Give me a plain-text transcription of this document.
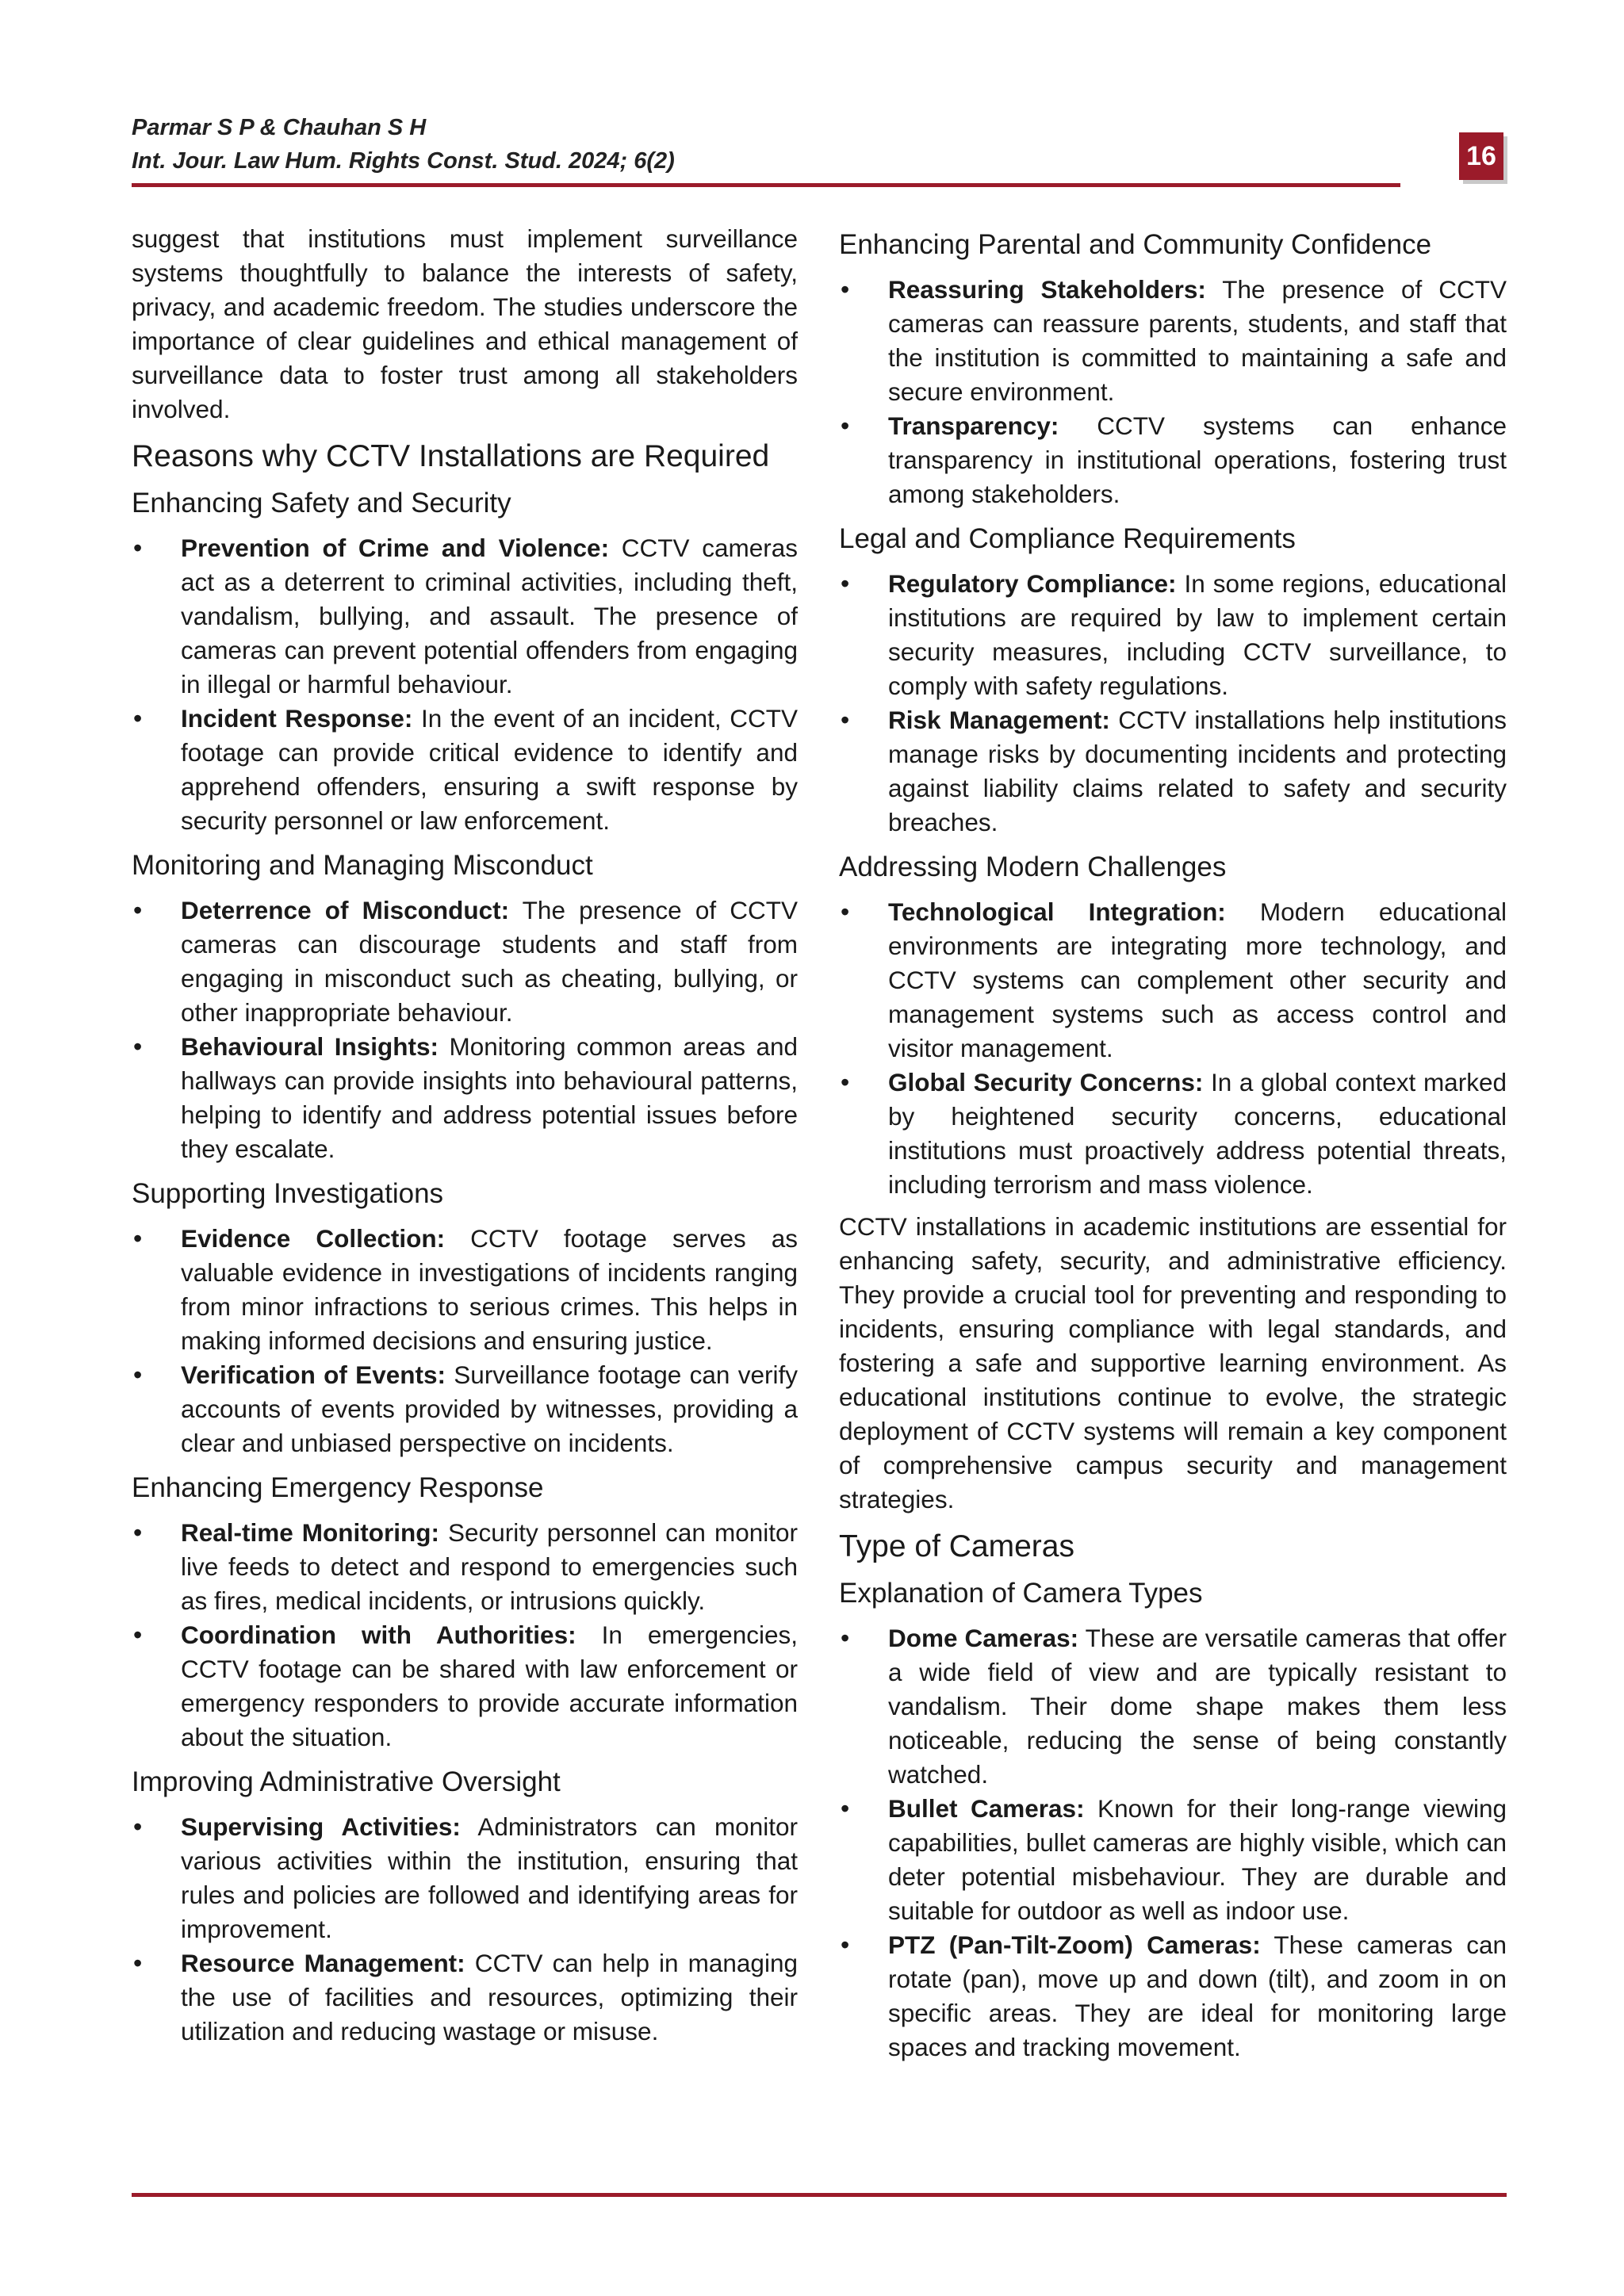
Parmar S P & Chauhan S H
Int. Jour. Law Hum. Rights Const. Stud. 2024; 6(2)	16

suggest that institutions must implement surveillance systems thoughtfully to balance the interests of safety, privacy, and academic freedom. The studies underscore the importance of clear guidelines and ethical management of surveillance data to foster trust among all stakeholders involved.

Reasons why CCTV Installations are Required
Enhancing Safety and Security
• Prevention of Crime and Violence: CCTV cameras act as a deterrent to criminal activities, including theft, vandalism, bullying, and assault. The presence of cameras can prevent potential offenders from engaging in illegal or harmful behaviour.
• Incident Response: In the event of an incident, CCTV footage can provide critical evidence to identify and apprehend offenders, ensuring a swift response by security personnel or law enforcement.
Monitoring and Managing Misconduct
• Deterrence of Misconduct: The presence of CCTV cameras can discourage students and staff from engaging in misconduct such as cheating, bullying, or other inappropriate behaviour.
• Behavioural Insights: Monitoring common areas and hallways can provide insights into behavioural patterns, helping to identify and address potential issues before they escalate.
Supporting Investigations
• Evidence Collection: CCTV footage serves as valuable evidence in investigations of incidents ranging from minor infractions to serious crimes. This helps in making informed decisions and ensuring justice.
• Verification of Events: Surveillance footage can verify accounts of events provided by witnesses, providing a clear and unbiased perspective on incidents.
Enhancing Emergency Response
• Real-time Monitoring: Security personnel can monitor live feeds to detect and respond to emergencies such as fires, medical incidents, or intrusions quickly.
• Coordination with Authorities: In emergencies, CCTV footage can be shared with law enforcement or emergency responders to provide accurate information about the situation.
Improving Administrative Oversight
• Supervising Activities: Administrators can monitor various activities within the institution, ensuring that rules and policies are followed and identifying areas for improvement.
• Resource Management: CCTV can help in managing the use of facilities and resources, optimizing their utilization and reducing wastage or misuse.
Enhancing Parental and Community Confidence
• Reassuring Stakeholders: The presence of CCTV cameras can reassure parents, students, and staff that the institution is committed to maintaining a safe and secure environment.
• Transparency: CCTV systems can enhance transparency in institutional operations, fostering trust among stakeholders.
Legal and Compliance Requirements
• Regulatory Compliance: In some regions, educational institutions are required by law to implement certain security measures, including CCTV surveillance, to comply with safety regulations.
• Risk Management: CCTV installations help institutions manage risks by documenting incidents and protecting against liability claims related to safety and security breaches.
Addressing Modern Challenges
• Technological Integration: Modern educational environments are integrating more technology, and CCTV systems can complement other security and management systems such as access control and visitor management.
• Global Security Concerns: In a global context marked by heightened security concerns, educational institutions must proactively address potential threats, including terrorism and mass violence.

CCTV installations in academic institutions are essential for enhancing safety, security, and administrative efficiency. They provide a crucial tool for preventing and responding to incidents, ensuring compliance with legal standards, and fostering a safe and supportive learning environment. As educational institutions continue to evolve, the strategic deployment of CCTV systems will remain a key component of comprehensive campus security and management strategies.

Type of Cameras
Explanation of Camera Types
• Dome Cameras: These are versatile cameras that offer a wide field of view and are typically resistant to vandalism. Their dome shape makes them less noticeable, reducing the sense of being constantly watched.
• Bullet Cameras: Known for their long-range viewing capabilities, bullet cameras are highly visible, which can deter potential misbehaviour. They are durable and suitable for outdoor as well as indoor use.
• PTZ (Pan-Tilt-Zoom) Cameras: These cameras can rotate (pan), move up and down (tilt), and zoom in on specific areas. They are ideal for monitoring large spaces and tracking movement.
